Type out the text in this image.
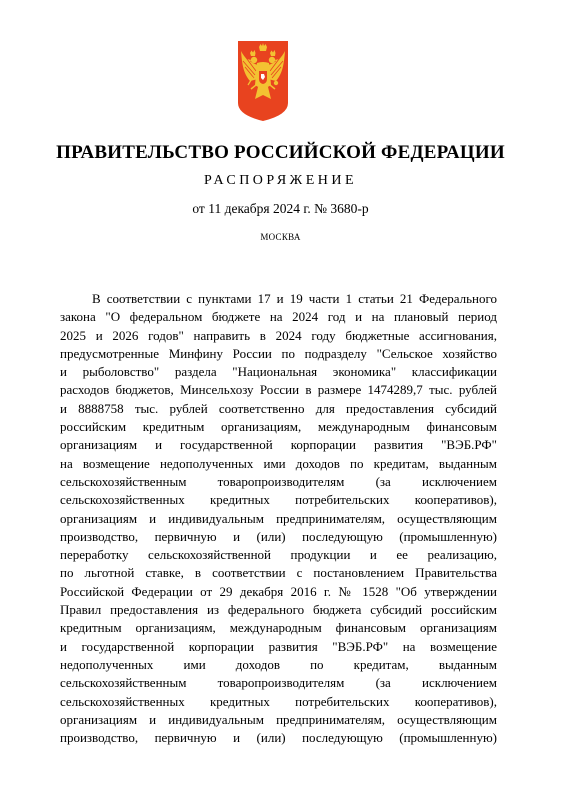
ПРАВИТЕЛЬСТВО РОССИЙСКОЙ ФЕДЕРАЦИИ
РАСПОРЯЖЕНИЕ
от 11 декабря 2024 г. № 3680-р
МОСКВА
В соответствии с пунктами 17 и 19 части 1 статьи 21 Федерального
закона "О федеральном бюджете на 2024 год и на плановый период
2025 и 2026 годов" направить в 2024 году бюджетные ассигнования,
предусмотренные Минфину России по подразделу "Сельское хозяйство
и рыболовство" раздела "Национальная экономика" классификации
расходов бюджетов, Минсельхозу России в размере 1474289,7 тыс. рублей
и 8888758 тыс. рублей соответственно для предоставления субсидий
российским кредитным организациям, международным финансовым
организациям и государственной корпорации развития "ВЭБ.РФ"
на возмещение недополученных ими доходов по кредитам, выданным
сельскохозяйственным товаропроизводителям (за исключением
сельскохозяйственных кредитных потребительских кооперативов),
организациям и индивидуальным предпринимателям, осуществляющим
производство, первичную и (или) последующую (промышленную)
переработку сельскохозяйственной продукции и ее реализацию,
по льготной ставке, в соответствии с постановлением Правительства
Российской Федерации от 29 декабря 2016 г. № 1528 "Об утверждении
Правил предоставления из федерального бюджета субсидий российским
кредитным организациям, международным финансовым организациям
и государственной корпорации развития "ВЭБ.РФ" на возмещение
недополученных ими доходов по кредитам, выданным
сельскохозяйственным товаропроизводителям (за исключением
сельскохозяйственных кредитных потребительских кооперативов),
организациям и индивидуальным предпринимателям, осуществляющим
производство, первичную и (или) последующую (промышленную)
